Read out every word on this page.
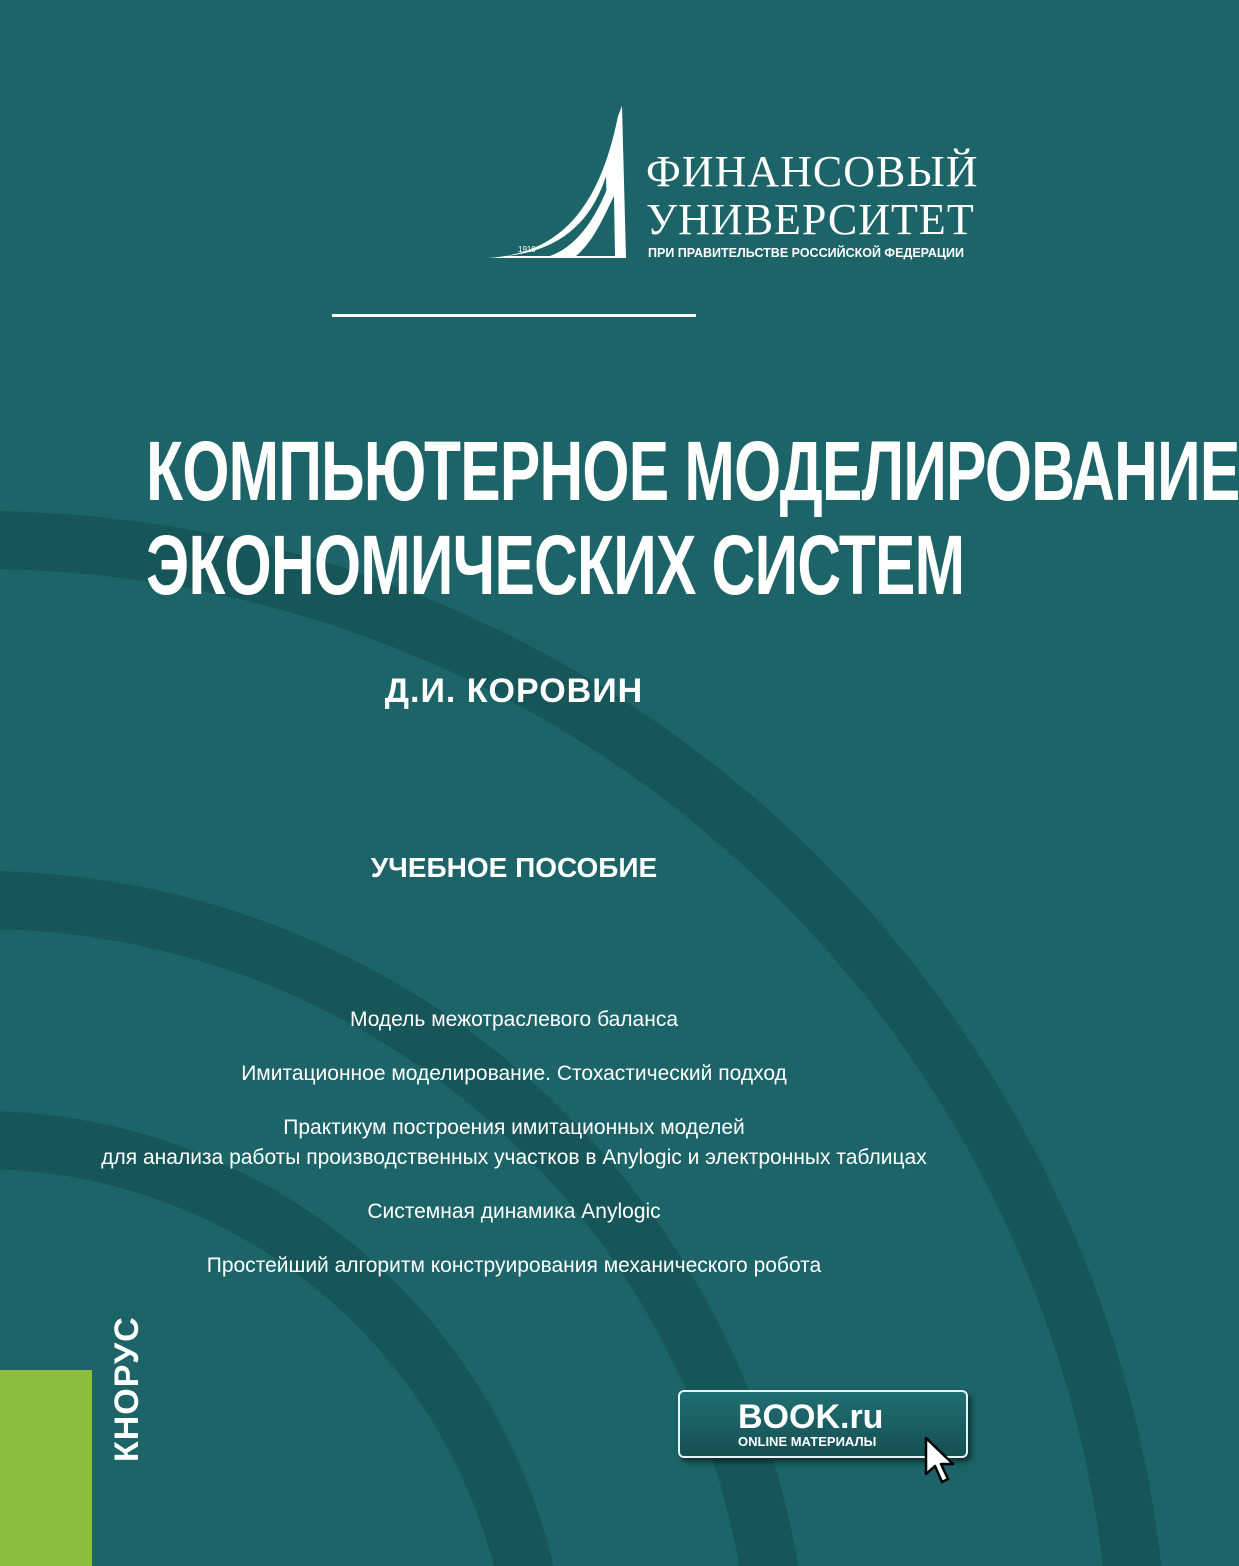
1919
ФИНАНСОВЫЙ
УНИВЕРСИТЕТ
ПРИ ПРАВИТЕЛЬСТВЕ РОССИЙСКОЙ ФЕДЕРАЦИИ
КОМПЬЮТЕРНОЕ МОДЕЛИРОВАНИЕ
ЭКОНОМИЧЕСКИХ СИСТЕМ
Д.И. КОРОВИН
УЧЕБНОЕ ПОСОБИЕ
Модель межотраслевого баланса
Имитационное моделирование. Стохастический подход
Практикум построения имитационных моделей
для анализа работы производственных участков в Anylogic и электронных таблицах
Системная динамика Anylogic
Простейший алгоритм конструирования механического робота
КНОРУС	BOOK.ru
ONLINE МАТЕРИАЛЫ
